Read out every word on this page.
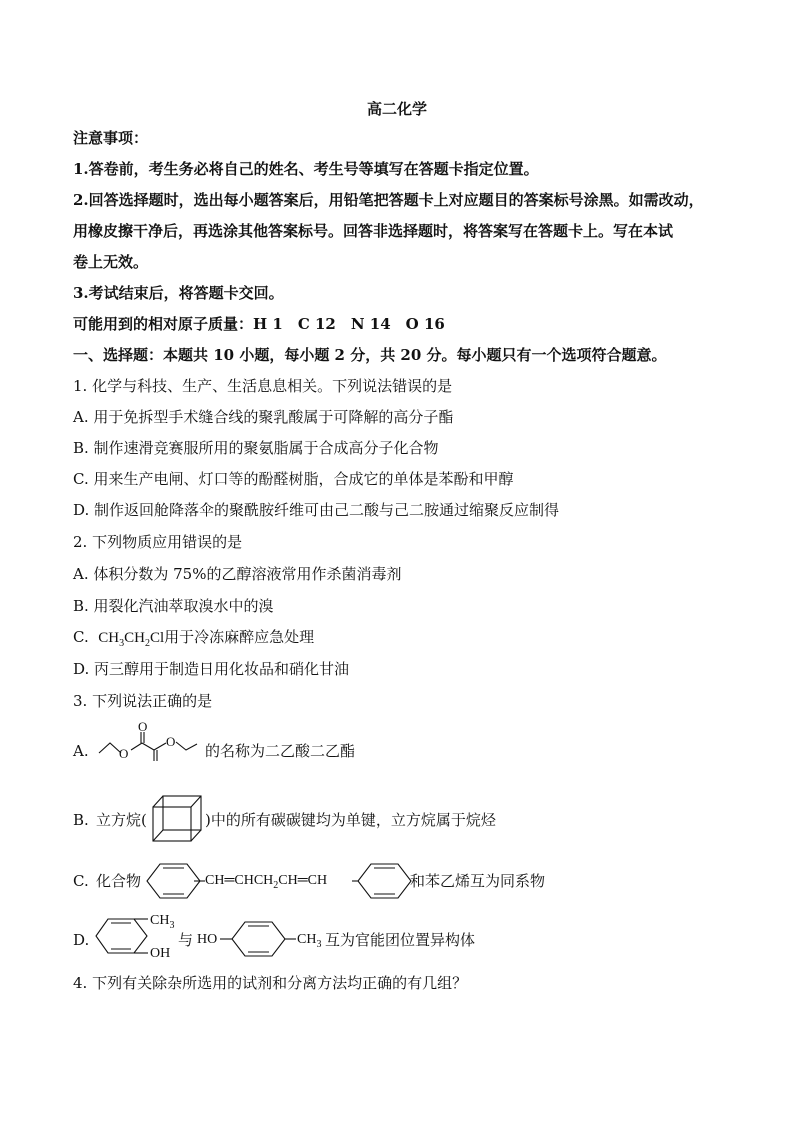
高二化学
注意事项：
1.答卷前，考生务必将自己的姓名、考生号等填写在答题卡指定位置。
2.回答选择题时，选出每小题答案后，用铅笔把答题卡上对应题目的答案标号涂黑。如需改动，
用橡皮擦干净后，再选涂其他答案标号。回答非选择题时，将答案写在答题卡上。写在本试
卷上无效。
3.考试结束后，将答题卡交回。
可能用到的相对原子质量：H 1　C 12　N 14　O 16
一、选择题：本题共 10 小题，每小题 2 分，共 20 分。每小题只有一个选项符合题意。
1. 化学与科技、生产、生活息息相关。下列说法错误的是
A. 用于免拆型手术缝合线的聚乳酸属于可降解的高分子酯
B. 制作速滑竞赛服所用的聚氨脂属于合成高分子化合物
C. 用来生产电闸、灯口等的酚醛树脂，合成它的单体是苯酚和甲醇
D. 制作返回舱降落伞的聚酰胺纤维可由己二酸与己二胺通过缩聚反应制得
2. 下列物质应用错误的是
A. 体积分数为 75%的乙醇溶液常用作杀菌消毒剂
B. 用裂化汽油萃取溴水中的溴
C. $CH_3CH_2Cl$用于冷冻麻醉应急处理
D. 丙三醇用于制造日用化妆品和硝化甘油
3. 下列说法正确的是
A. O
O
O
的名称为二乙酸二乙酯
B. 立方烷(	)中的所有碳碳键均为单键，立方烷属于烷烃
C. 化合物	$CH═CHCH_2CH═CH$	和苯乙烯互为同系物
D.
$CH_3$
OH
与 HO	$CH_3$ 互为官能团位置异构体
4. 下列有关除杂所选用的试剂和分离方法均正确的有几组？
